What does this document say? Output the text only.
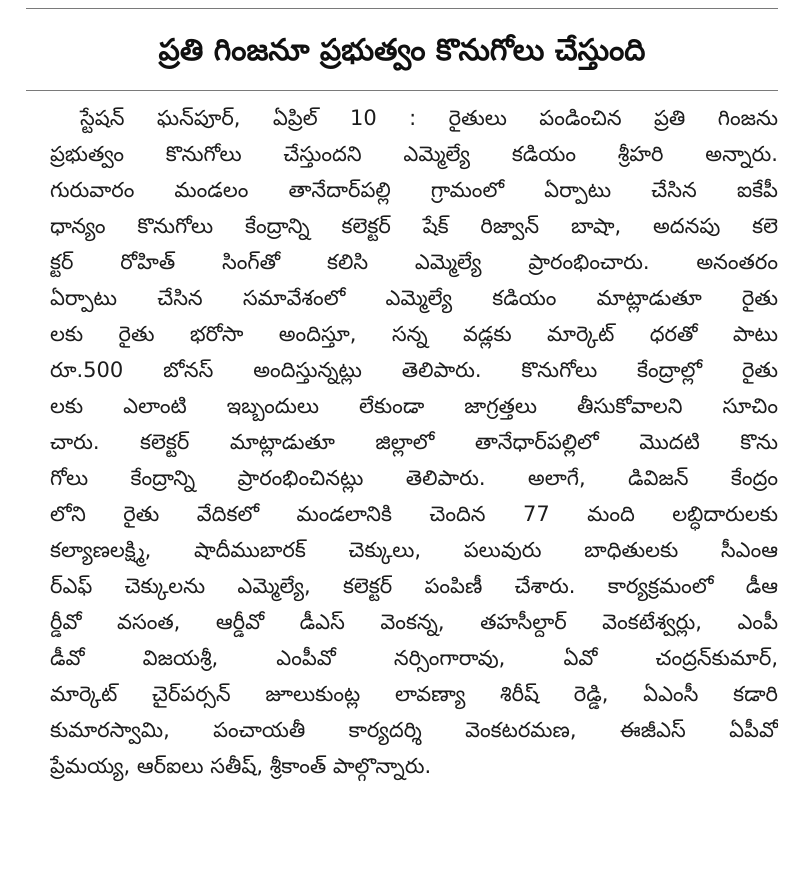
ప్రతి గింజనూ ప్రభుత్వం కొనుగోలు చేస్తుంది
స్టేషన్ ఘన్‌పూర్, ఏప్రిల్ 10 : రైతులు పండించిన ప్రతి గింజను
ప్రభుత్వం కొనుగోలు చేస్తుందని ఎమ్మెల్యే కడియం శ్రీహరి అన్నారు.
గురువారం మండలం తానేదార్‌పల్లి గ్రామంలో ఏర్పాటు చేసిన ఐకేపీ
ధాన్యం కొనుగోలు కేంద్రాన్ని కలెక్టర్ షేక్ రిజ్వాన్ బాషా, అదనపు కలె
క్టర్ రోహిత్ సింగ్‌తో కలిసి ఎమ్మెల్యే ప్రారంభించారు. అనంతరం
ఏర్పాటు చేసిన సమావేశంలో ఎమ్మెల్యే కడియం మాట్లాడుతూ రైతు
లకు రైతు భరోసా అందిస్తూ, సన్న వడ్లకు మార్కెట్ ధరతో పాటు
రూ.500 బోనస్ అందిస్తున్నట్లు తెలిపారు. కొనుగోలు కేంద్రాల్లో రైతు
లకు ఎలాంటి ఇబ్బందులు లేకుండా జాగ్రత్తలు తీసుకోవాలని సూచిం
చారు. కలెక్టర్ మాట్లాడుతూ జిల్లాలో తానేధార్‌పల్లిలో మొదటి కొను
గోలు కేంద్రాన్ని ప్రారంభించినట్లు తెలిపారు. అలాగే, డివిజన్ కేంద్రం
లోని రైతు వేదికలో మండలానికి చెందిన 77 మంది లబ్ధిదారులకు
కల్యాణలక్ష్మి, షాదీముబారక్ చెక్కులు, పలువురు బాధితులకు సీఎంఆ
ర్ఎఫ్ చెక్కులను ఎమ్మెల్యే, కలెక్టర్ పంపిణీ చేశారు. కార్యక్రమంలో డీఆ
ర్డీవో వసంత, ఆర్డీవో డీఎస్ వెంకన్న, తహసీల్దార్ వెంకటేశ్వర్లు, ఎంపీ
డీవో విజయశ్రీ, ఎంపీవో నర్సింగారావు, ఏవో చంద్రన్‌కుమార్,
మార్కెట్ చైర్‌పర్సన్ జూలుకుంట్ల లావణ్యా శిరీష్ రెడ్డి, ఏఎంసీ కడారి
కుమారస్వామి, పంచాయతీ కార్యదర్శి వెంకటరమణ, ఈజీఎస్ ఏపీవో
ప్రేమయ్య, ఆర్ఐలు సతీష్, శ్రీకాంత్ పాల్గొన్నారు.
